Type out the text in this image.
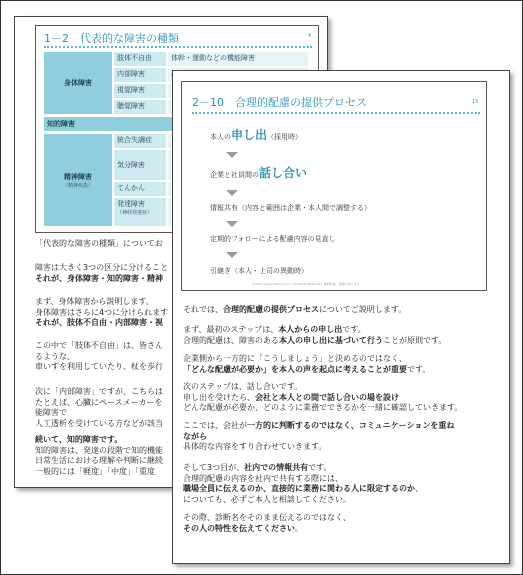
1－2　代表的な障害の種類	4
身体障害
肢体不自由	体幹・運動などの機能障害
内部障害
視覚障害
聴覚障害
知的障害
精神障害
（精神疾患）
統合失調症
気分障害
てんかん
発達障害
（神経発達症）
「代表的な障害の種類」についてお
障害は大きく3つの区分に分けること
それが、身体障害・知的障害・精神
まず、身体障害から説明します。
身体障害はさらに4つに分けられます
それが、肢体不自由・内部障害・視
この中で「肢体不自由」は、皆さん
るような、
車いすを利用していたり、杖を歩行
次に「内部障害」ですが、こちらは
たとえば、心臓にペースメーカーを
能障害で
人工透析を受けている方などが該当
続いて、知的障害です。
知的障害は、発達の段階で知的機能
日常生活における理解や判断に継続
一般的には「軽度」「中度」「重度
2－10　合理的配慮の提供プロセス	15
本人の申し出（採用時）
企業と社員間の話し合い
情報共有（内容と範囲は企業・本人間で調整する）
定期的フォローによる配慮内容の見直し
引継ぎ（本人・上司の異動時）
©2024 Legal Advisory Inc. All Rights Reserved. 無断転載・複製を禁じます。
それでは、合理的配慮の提供プロセスについてご説明します。
まず、最初のステップは、本人からの申し出です。
合理的配慮は、障害のある本人の申し出に基づいて行うことが原則です。
企業側から一方的に「こうしましょう」と決めるのではなく、
「どんな配慮が必要か」を本人の声を起点に考えることが重要です。
次のステップは、話し合いです。
申し出を受けたら、会社と本人との間で話し合いの場を設け
どんな配慮が必要か、どのように業務でできるかを一緒に確認していきます。
ここでは、会社が一方的に判断するのではなく、コミュニケーションを重ね
ながら
具体的な内容をすり合わせていきます。
そして3つ目が、社内での情報共有です。
合理的配慮の内容を社内で共有する際には、
職場全員に伝えるのか、直接的に業務に関わる人に限定するのか、
についても、必ずご本人と相談してください。
その際、診断名をそのまま伝えるのではなく、
その人の特性を伝えてください。
